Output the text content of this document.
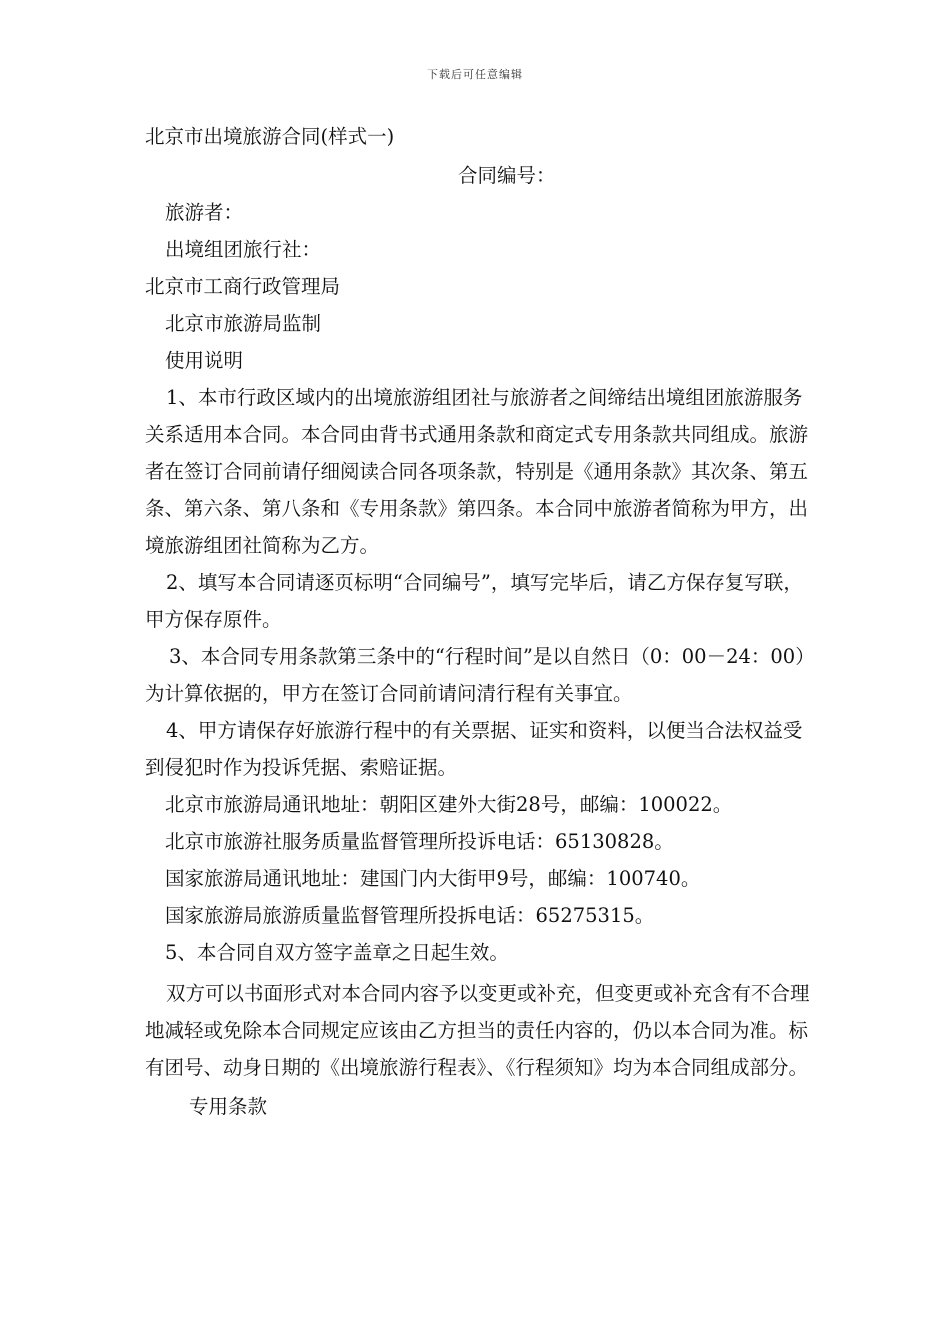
下载后可任意编辑

北京市出境旅游合同(样式一)

合同编号：

旅游者：

出境组团旅行社：

北京市工商行政管理局

北京市旅游局监制

使用说明

1、本市行政区域内的出境旅游组团社与旅游者之间缔结出境组团旅游服务关系适用本合同。本合同由背书式通用条款和商定式专用条款共同组成。旅游者在签订合同前请仔细阅读合同各项条款，特别是《通用条款》其次条、第五条、第六条、第八条和《专用条款》第四条。本合同中旅游者简称为甲方，出境旅游组团社简称为乙方。

2、填写本合同请逐页标明“合同编号”，填写完毕后，请乙方保存复写联，甲方保存原件。

3、本合同专用条款第三条中的“行程时间”是以自然日（0：00－24：00）为计算依据的，甲方在签订合同前请问清行程有关事宜。

4、甲方请保存好旅游行程中的有关票据、证实和资料，以便当合法权益受到侵犯时作为投诉凭据、索赔证据。

北京市旅游局通讯地址：朝阳区建外大街28号，邮编：100022。

北京市旅游社服务质量监督管理所投诉电话：65130828。

国家旅游局通讯地址：建国门内大街甲9号，邮编：100740。

国家旅游局旅游质量监督管理所投拆电话：65275315。

5、本合同自双方签字盖章之日起生效。

双方可以书面形式对本合同内容予以变更或补充，但变更或补充含有不合理地减轻或免除本合同规定应该由乙方担当的责任内容的，仍以本合同为准。标有团号、动身日期的《出境旅游行程表》、《行程须知》均为本合同组成部分。

专用条款
